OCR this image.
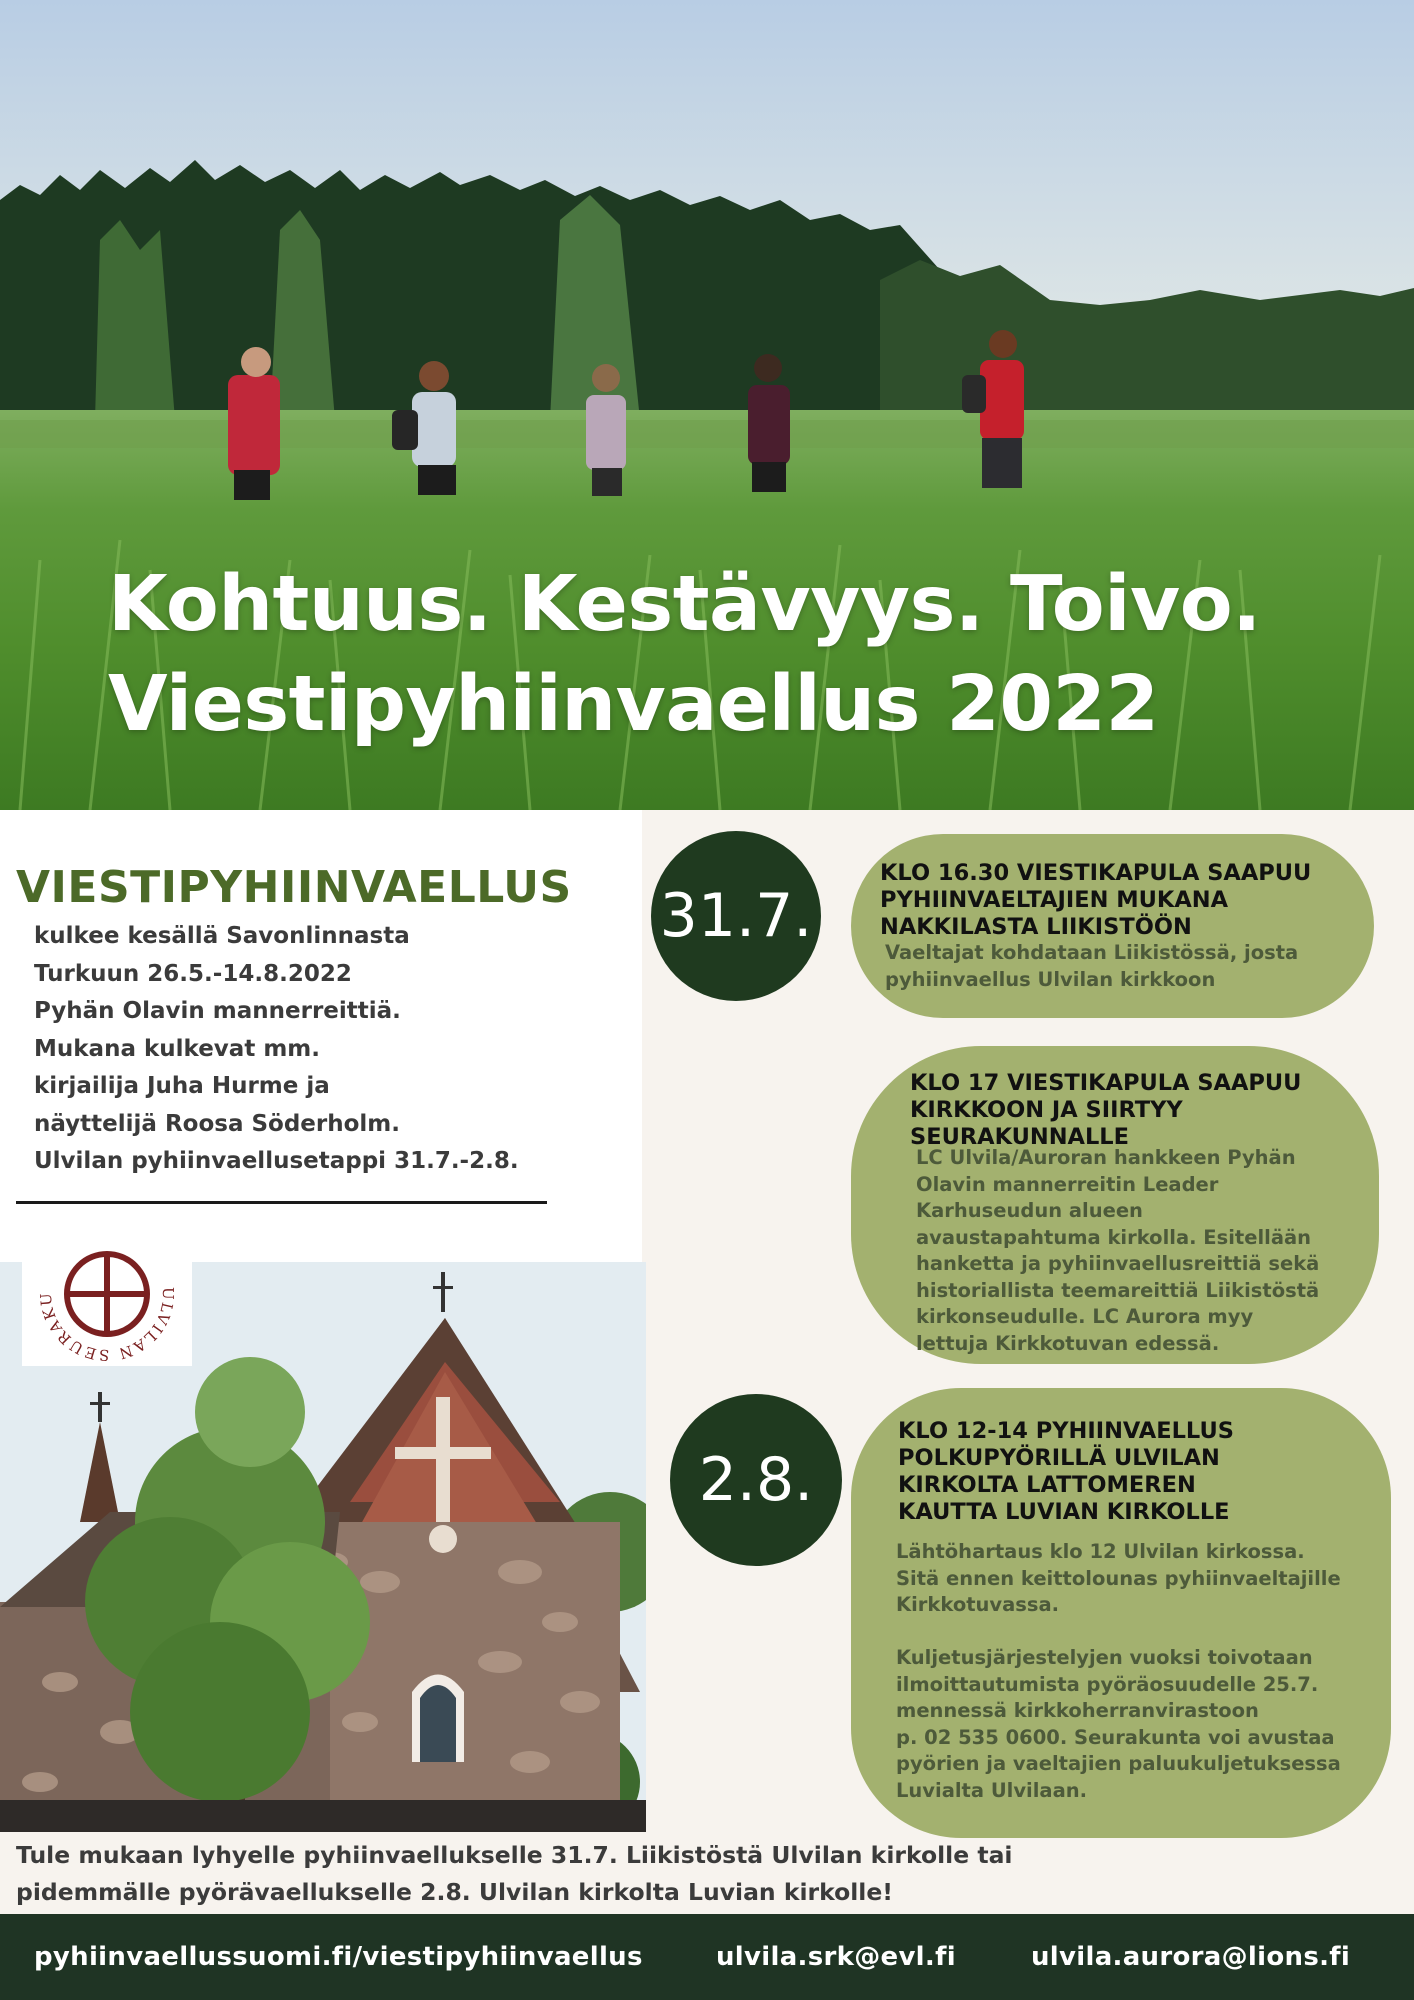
Kohtuus. Kestävyys. Toivo.
Viestipyhiinvaellus 2022
VIESTIPYHIINVAELLUS

kulkee kesällä Savonlinnasta
Turkuun 26.5.-14.8.2022
Pyhän Olavin mannerreittiä.
Mukana kulkevat mm.
kirjailija Juha Hurme ja
näyttelijä Roosa Söderholm.
Ulvilan pyhiinvaellusetappi 31.7.-2.8.

ULVILAN SEURAKU
31.7.
2.8.

KLO 16.30 VIESTIKAPULA SAAPUU
PYHIINVAELTAJIEN MUKANA
NAKKILASTA LIIKISTÖÖN

Vaeltajat kohdataan Liikistössä, josta
pyhiinvaellus Ulvilan kirkkoon

KLO 17 VIESTIKAPULA SAAPUU
KIRKKOON JA SIIRTYY
SEURAKUNNALLE

LC Ulvila/Auroran hankkeen Pyhän
Olavin mannerreitin Leader
Karhuseudun alueen
avaustapahtuma kirkolla. Esitellään
hanketta ja pyhiinvaellusreittiä sekä
historiallista teemareittiä Liikistöstä
kirkonseudulle. LC Aurora myy
lettuja Kirkkotuvan edessä.

KLO 12-14 PYHIINVAELLUS
POLKUPYÖRILLÄ ULVILAN
KIRKOLTA LATTOMEREN
KAUTTA LUVIAN KIRKOLLE

Lähtöhartaus klo 12 Ulvilan kirkossa.
Sitä ennen keittolounas pyhiinvaeltajille
Kirkkotuvassa.

Kuljetusjärjestelyjen vuoksi toivotaan
ilmoittautumista pyöräosuudelle 25.7.
mennessä kirkkoherranvirastoon
p. 02 535 0600. Seurakunta voi avustaa
pyörien ja vaeltajien paluukuljetuksessa
Luvialta Ulvilaan.

Tule mukaan lyhyelle pyhiinvaellukselle 31.7. Liikistöstä Ulvilan kirkolle tai
pidemmälle pyörävaellukselle 2.8. Ulvilan kirkolta Luvian kirkolle!

pyhiinvaellussuomi.fi/viestipyhiinvaellus	ulvila.srk@evl.fi	ulvila.aurora@lions.fi
